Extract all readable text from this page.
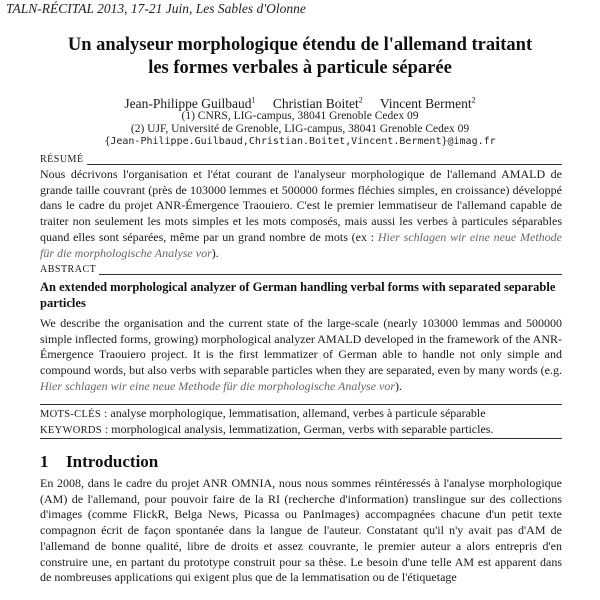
TALN-RÉCITAL 2013, 17-21 Juin, Les Sables d'Olonne
Un analyseur morphologique étendu de l'allemand traitant
les formes verbales à particule séparée
Jean-Philippe Guilbaud$^1$ Christian Boitet$^2$ Vincent Berment$^2$
(1) CNRS, LIG-campus, 38041 Grenoble Cedex 09
(2) UJF, Université de Grenoble, LIG-campus, 38041 Grenoble Cedex 09
{Jean-Philippe.Guilbaud,Christian.Boitet,Vincent.Berment}@imag.fr
RÉSUMÉ
Nous décrivons l'organisation et l'état courant de l'analyseur morphologique de l'allemand AMALD de grande taille couvrant (près de 103000 lemmes et 500000 formes fléchies simples, en croissance) développé dans le cadre du projet ANR-Émergence Traouiero. C'est le premier lemmatiseur de l'allemand capable de traiter non seulement les mots simples et les mots composés, mais aussi les verbes à particules séparables quand elles sont séparées, même par un grand nombre de mots (ex : Hier schlagen wir eine neue Methode für die morphologische Analyse vor).
ABSTRACT
An extended morphological analyzer of German handling verbal forms with separated separable particles
We describe the organisation and the current state of the large-scale (nearly 103000 lemmas and 500000 simple inflected forms, growing) morphological analyzer AMALD developed in the framework of the ANR-Émergence Traouiero project. It is the first lemmatizer of German able to handle not only simple and compound words, but also verbs with separable particles when they are separated, even by many words (e.g. Hier schlagen wir eine neue Methode für die morphologische Analyse vor).
MOTS-CLÉS : analyse morphologique, lemmatisation, allemand, verbes à particule séparable
KEYWORDS : morphological analysis, lemmatization, German, verbs with separable particles.
1 Introduction
En 2008, dans le cadre du projet ANR OMNIA, nous nous sommes réintéressés à l'analyse morphologique (AM) de l'allemand, pour pouvoir faire de la RI (recherche d'information) translingue sur des collections d'images (comme FlickR, Belga News, Picassa ou PanImages) accompagnées chacune d'un petit texte compagnon écrit de façon spontanée dans la langue de l'auteur. Constatant qu'il n'y avait pas d'AM de l'allemand de bonne qualité, libre de droits et assez couvrante, le premier auteur a alors entrepris d'en construire une, en partant du prototype construit pour sa thèse. Le besoin d'une telle AM est apparent dans de nombreuses applications qui exigent plus que de la lemmatisation ou de l'étiquetage
